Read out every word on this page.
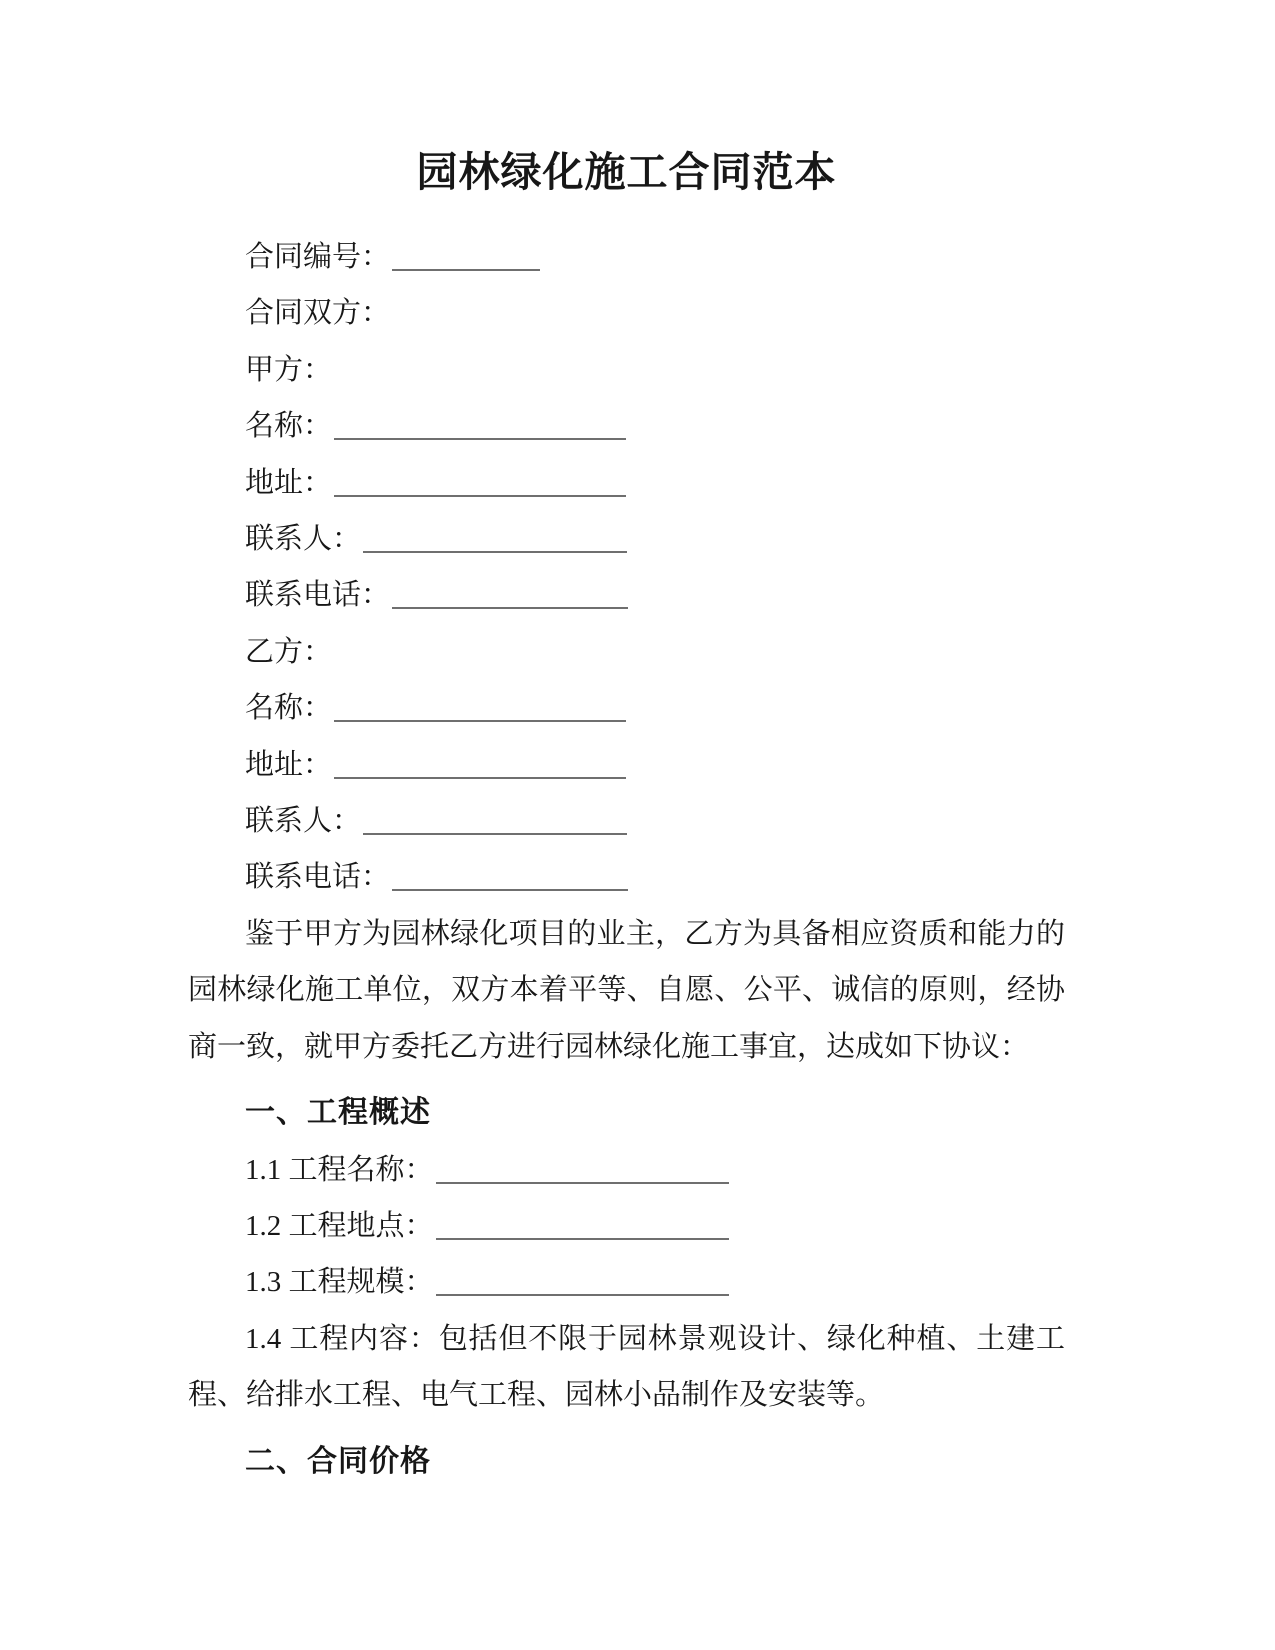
园林绿化施工合同范本
合同编号：
合同双方：
甲方：
名称：
地址：
联系人：
联系电话：
乙方：
名称：
地址：
联系人：
联系电话：

鉴于甲方为园林绿化项目的业主，乙方为具备相应资质和能力的园林绿化施工单位，双方本着平等、自愿、公平、诚信的原则，经协商一致，就甲方委托乙方进行园林绿化施工事宜，达成如下协议：

一、工程概述
1.1 工程名称：
1.2 工程地点：
1.3 工程规模：

1.4 工程内容：包括但不限于园林景观设计、绿化种植、土建工程、给排水工程、电气工程、园林小品制作及安装等。

二、合同价格
